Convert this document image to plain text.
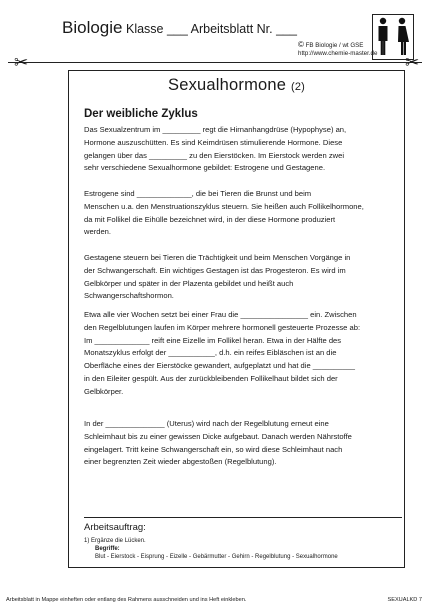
Biologie Klasse ___ Arbeitsblatt Nr. ___
© FB Biologie / wt GSE
http://www.chemie-master.de
✂	✂
Sexualhormone (2)
Der weibliche Zyklus
Das Sexualzentrum im _________ regt die Hirnanhangdrüse (Hypophyse) an,
Hormone auszuschütten. Es sind Keimdrüsen stimulierende Hormone. Diese
gelangen über das _________ zu den Eierstöcken. Im Eierstock werden zwei
sehr verschiedene Sexualhormone gebildet: Estrogene und Gestagene.
Estrogene sind _____________, die bei Tieren die Brunst und beim
Menschen u.a. den Menstruationszyklus steuern. Sie heißen auch Follikelhormone,
da mit Follikel die Eihülle bezeichnet wird, in der diese Hormone produziert
werden.
Gestagene steuern bei Tieren die Trächtigkeit und beim Menschen Vorgänge in
der Schwangerschaft. Ein wichtiges Gestagen ist das Progesteron. Es wird im
Gelbkörper und später in der Plazenta gebildet und heißt auch
Schwangerschaftshormon.
Etwa alle vier Wochen setzt bei einer Frau die ________________ ein. Zwischen
den Regelblutungen laufen im Körper mehrere hormonell gesteuerte Prozesse ab:
Im _____________ reift eine Eizelle im Follikel heran. Etwa in der Hälfte des
Monatszyklus erfolgt der ___________, d.h. ein reifes Eibläschen ist an die
Oberfläche eines der Eierstöcke gewandert, aufgeplatzt und hat die __________
in den Eileiter gespült. Aus der zurückbleibenden Follikelhaut bildet sich der
Gelbkörper.
In der ______________ (Uterus) wird nach der Regelblutung erneut eine
Schleimhaut bis zu einer gewissen Dicke aufgebaut. Danach werden Nährstoffe
eingelagert. Tritt keine Schwangerschaft ein, so wird diese Schleimhaut nach
einer begrenzten Zeit wieder abgestoßen (Regelblutung).
Arbeitsauftrag:
1) Ergänze die Lücken.
Begriffe:
Blut - Eierstock - Eisprung - Eizelle - Gebärmutter - Gehirn - Regelblutung - Sexualhormone
Arbeitsblatt in Mappe einheften oder entlang des Rahmens ausschneiden und ins Heft einkleben.	SEXUALKD 7
